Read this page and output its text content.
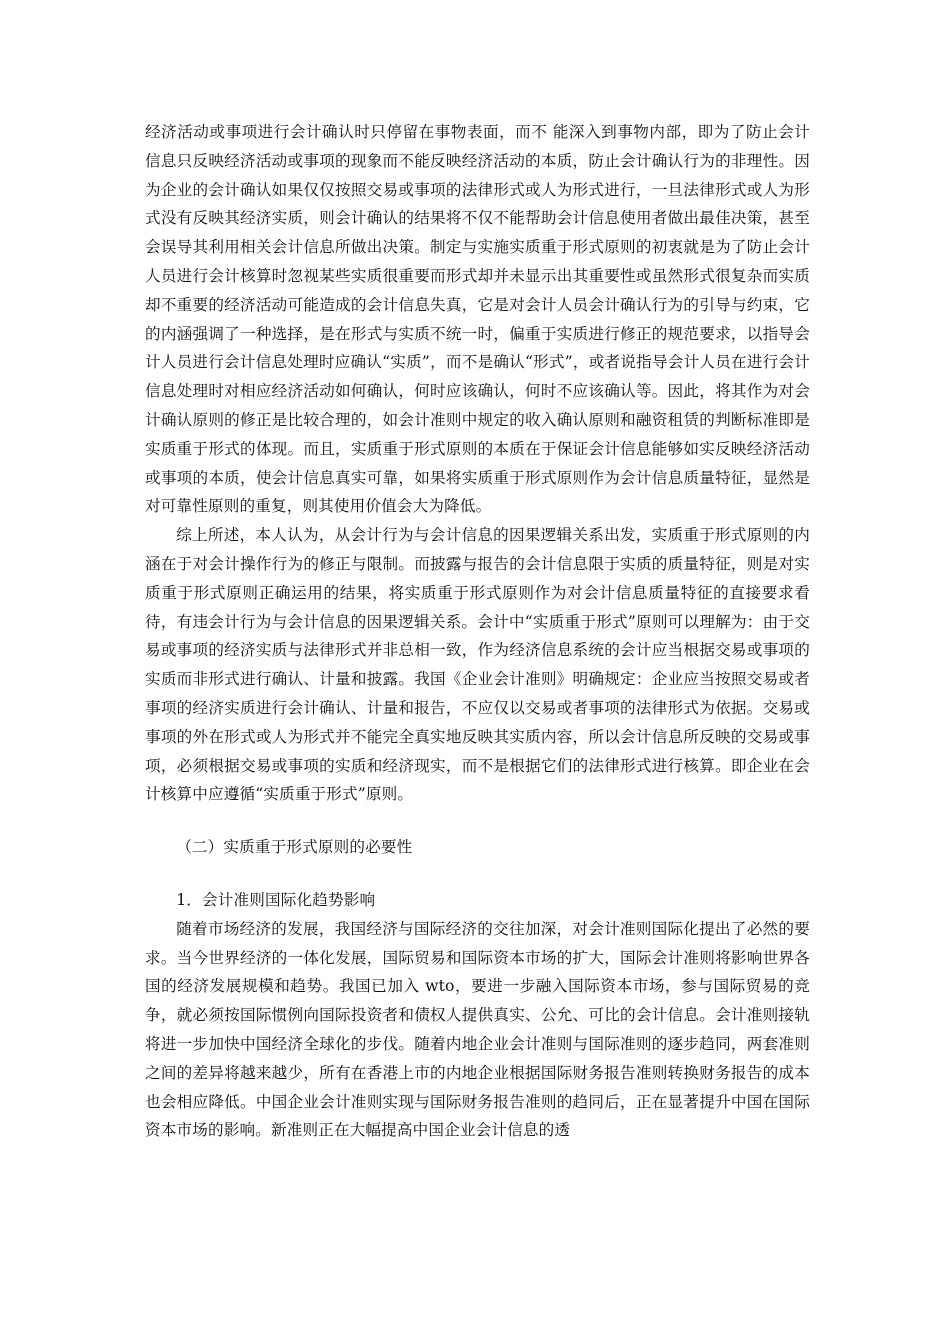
经济活动或事项进行会计确认时只停留在事物表面，而不 能深入到事物内部，即为了防止会计信息只反映经济活动或事项的现象而不能反映经济活动的本质，防止会计确认行为的非理性。因为企业的会计确认如果仅仅按照交易或事项的法律形式或人为形式进行，一旦法律形式或人为形式没有反映其经济实质，则会计确认的结果将不仅不能帮助会计信息使用者做出最佳决策，甚至会误导其利用相关会计信息所做出决策。制定与实施实质重于形式原则的初衷就是为了防止会计人员进行会计核算时忽视某些实质很重要而形式却并未显示出其重要性或虽然形式很复杂而实质却不重要的经济活动可能造成的会计信息失真，它是对会计人员会计确认行为的引导与约束，它的内涵强调了一种选择，是在形式与实质不统一时，偏重于实质进行修正的规范要求，以指导会计人员进行会计信息处理时应确认“实质”，而不是确认“形式”，或者说指导会计人员在进行会计信息处理时对相应经济活动如何确认，何时应该确认，何时不应该确认等。因此，将其作为对会计确认原则的修正是比较合理的，如会计准则中规定的收入确认原则和融资租赁的判断标准即是实质重于形式的体现。而且，实质重于形式原则的本质在于保证会计信息能够如实反映经济活动或事项的本质，使会计信息真实可靠，如果将实质重于形式原则作为会计信息质量特征，显然是对可靠性原则的重复，则其使用价值会大为降低。

综上所述，本人认为，从会计行为与会计信息的因果逻辑关系出发，实质重于形式原则的内涵在于对会计操作行为的修正与限制。而披露与报告的会计信息限于实质的质量特征，则是对实质重于形式原则正确运用的结果，将实质重于形式原则作为对会计信息质量特征的直接要求看待，有违会计行为与会计信息的因果逻辑关系。会计中“实质重于形式”原则可以理解为：由于交易或事项的经济实质与法律形式并非总相一致，作为经济信息系统的会计应当根据交易或事项的实质而非形式进行确认、计量和披露。我国《企业会计准则》明确规定：企业应当按照交易或者事项的经济实质进行会计确认、计量和报告，不应仅以交易或者事项的法律形式为依据。交易或事项的外在形式或人为形式并不能完全真实地反映其实质内容，所以会计信息所反映的交易或事项，必须根据交易或事项的实质和经济现实，而不是根据它们的法律形式进行核算。即企业在会计核算中应遵循“实质重于形式”原则。

（二）实质重于形式原则的必要性

1．会计准则国际化趋势影响

随着市场经济的发展，我国经济与国际经济的交往加深，对会计准则国际化提出了必然的要求。当今世界经济的一体化发展，国际贸易和国际资本市场的扩大，国际会计准则将影响世界各国的经济发展规模和趋势。我国已加入 wto，要进一步融入国际资本市场，参与国际贸易的竞争，就必须按国际惯例向国际投资者和债权人提供真实、公允、可比的会计信息。会计准则接轨将进一步加快中国经济全球化的步伐。随着内地企业会计准则与国际准则的逐步趋同，两套准则之间的差异将越来越少，所有在香港上市的内地企业根据国际财务报告准则转换财务报告的成本也会相应降低。中国企业会计准则实现与国际财务报告准则的趋同后，正在显著提升中国在国际资本市场的影响。新准则正在大幅提高中国企业会计信息的透
